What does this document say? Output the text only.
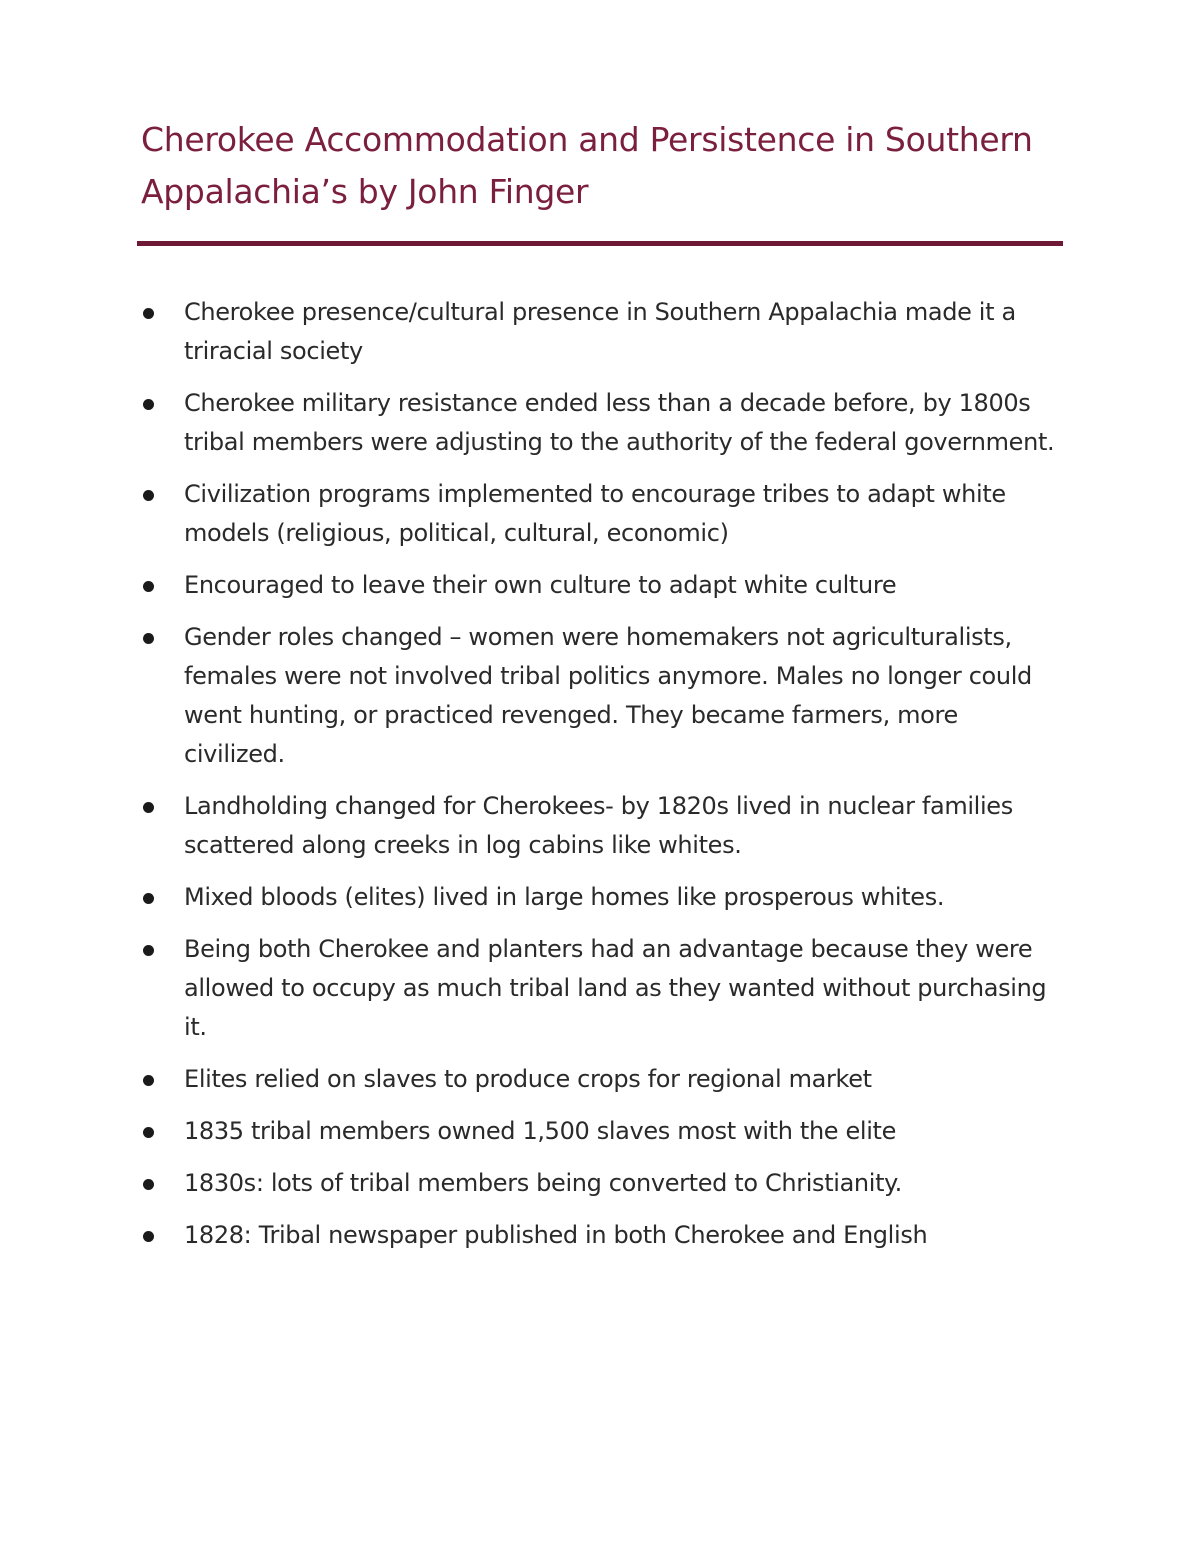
Cherokee Accommodation and Persistence in Southern Appalachia’s by John Finger
Cherokee presence/cultural presence in Southern Appalachia made it a triracial society
Cherokee military resistance ended less than a decade before, by 1800s tribal members were adjusting to the authority of the federal government.
Civilization programs implemented to encourage tribes to adapt white models (religious, political, cultural, economic)
Encouraged to leave their own culture to adapt white culture
Gender roles changed – women were homemakers not agriculturalists, females were not involved tribal politics anymore. Males no longer could went hunting, or practiced revenged. They became farmers, more civilized.
Landholding changed for Cherokees- by 1820s lived in nuclear families scattered along creeks in log cabins like whites.
Mixed bloods (elites) lived in large homes like prosperous whites.
Being both Cherokee and planters had an advantage because they were allowed to occupy as much tribal land as they wanted without purchasing it.
Elites relied on slaves to produce crops for regional market
1835 tribal members owned 1,500 slaves most with the elite
1830s: lots of tribal members being converted to Christianity.
1828: Tribal newspaper published in both Cherokee and English
